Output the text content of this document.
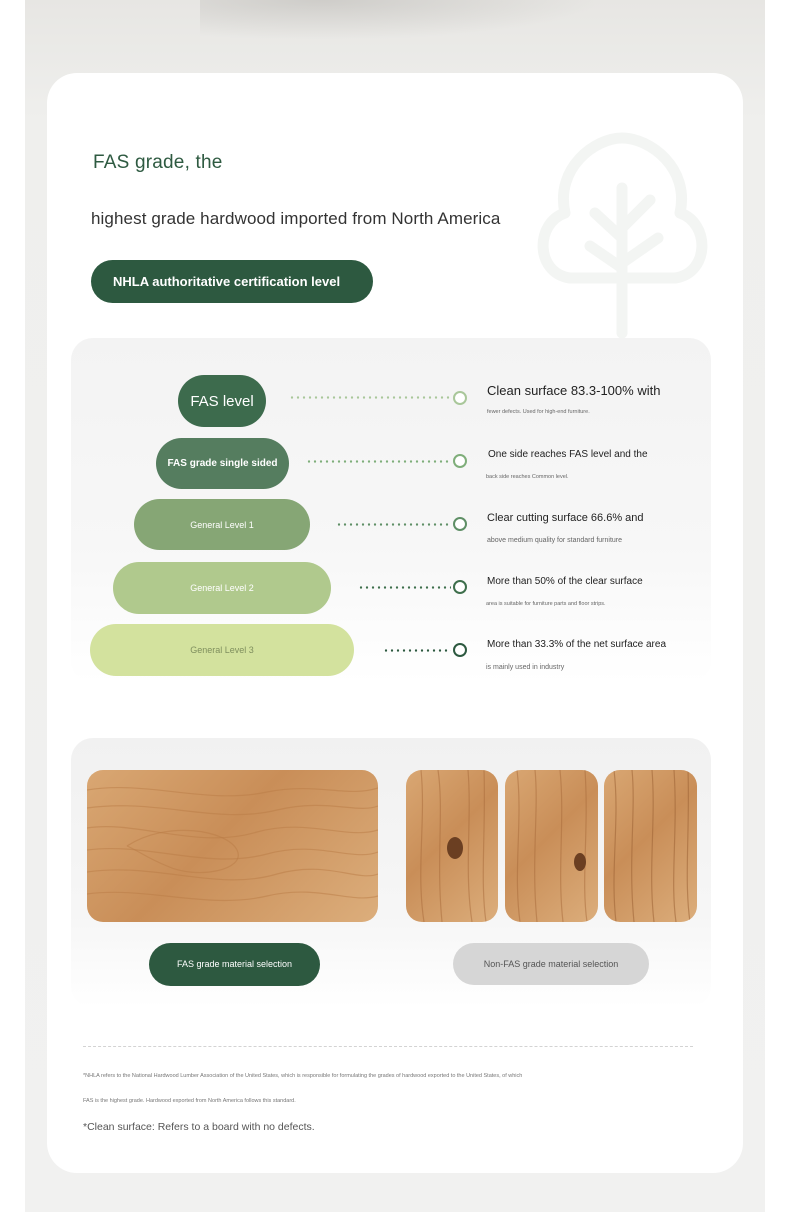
FAS grade, the
highest grade hardwood imported from North America
NHLA authoritative certification level
FAS level
Clean surface 83.3-100% with
fewer defects. Used for high-end furniture.
FAS grade single sided
One side reaches FAS level and the
back side reaches Common level.
General Level 1
Clear cutting surface 66.6% and
above medium quality for standard furniture
General Level 2
More than 50% of the clear surface
area is suitable for furniture parts and floor strips.
General Level 3	More than 33.3% of the net surface area
is mainly used in industry
FAS grade material selection	Non-FAS grade material selection
*NHLA refers to the National Hardwood Lumber Association of the United States, which is responsible for formulating the grades of hardwood exported to the United States, of which
FAS is the highest grade. Hardwood exported from North America follows this standard.
*Clean surface: Refers to a board with no defects.
